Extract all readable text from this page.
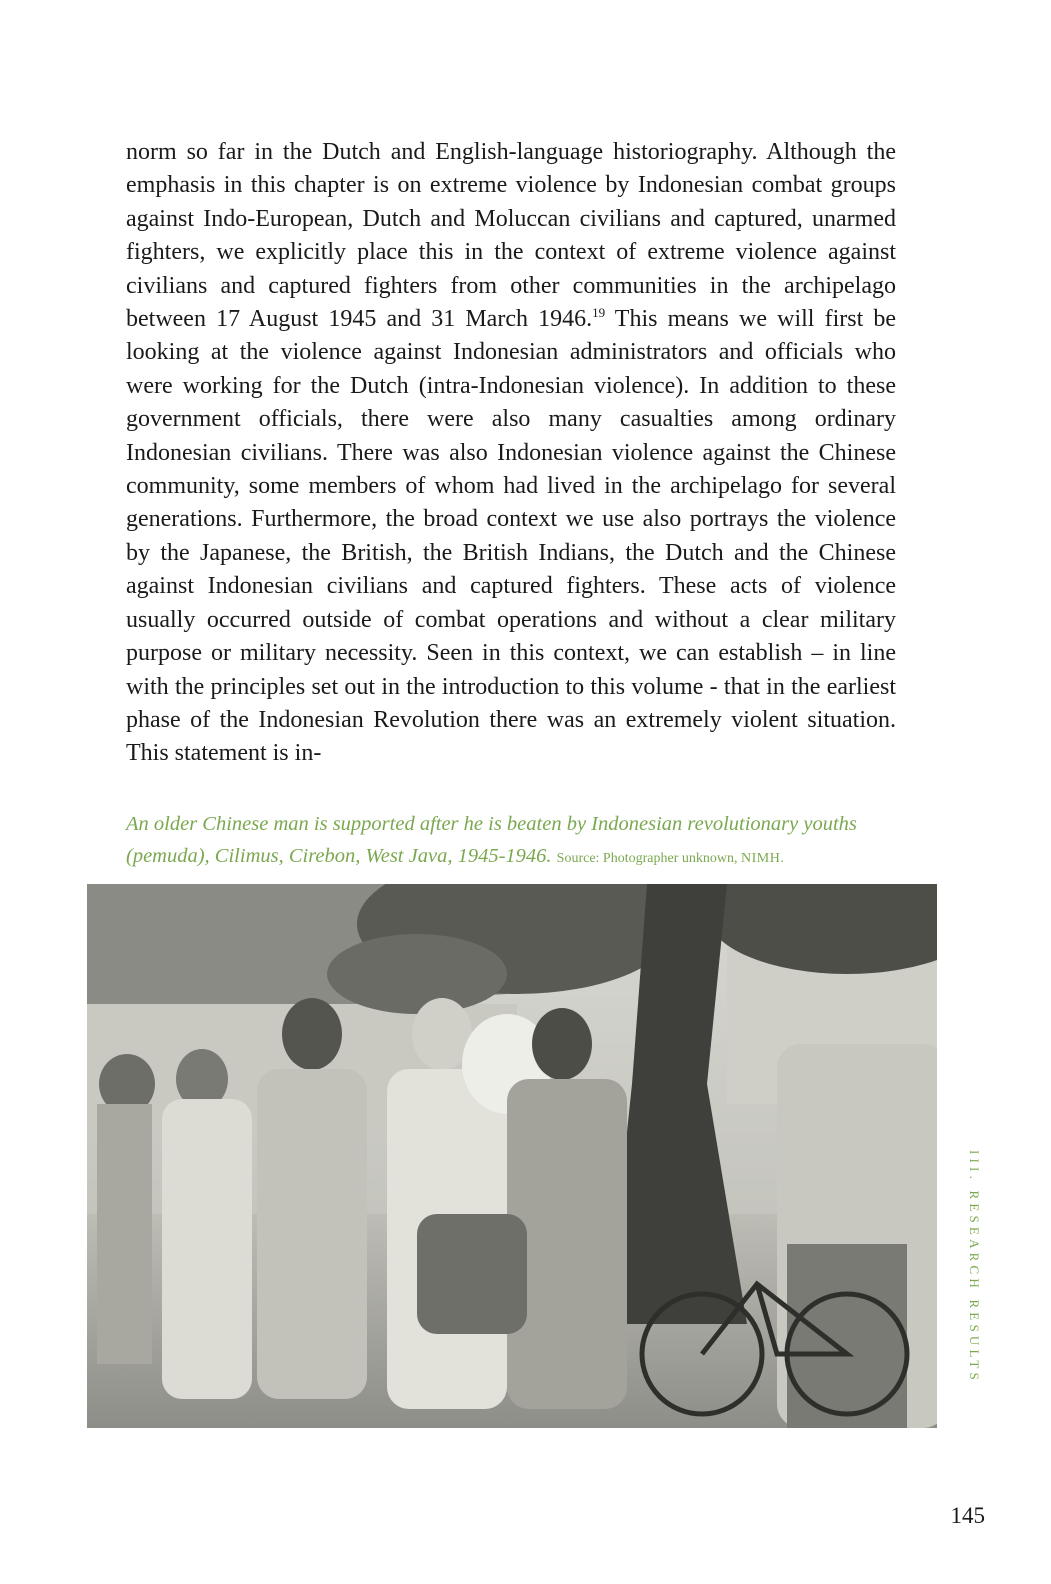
norm so far in the Dutch and English-language historiography. Although the emphasis in this chapter is on extreme violence by Indonesian combat groups against Indo-European, Dutch and Moluccan civilians and captured, unarmed fighters, we explicitly place this in the context of extreme violence against civilians and captured fighters from other communities in the archipelago between 17 August 1945 and 31 March 1946.19 This means we will first be looking at the violence against Indonesian administrators and officials who were working for the Dutch (intra-Indonesian violence). In addition to these government officials, there were also many casualties among ordinary Indonesian civilians. There was also Indonesian violence against the Chinese community, some members of whom had lived in the archipelago for several generations. Furthermore, the broad context we use also portrays the violence by the Japanese, the British, the British Indians, the Dutch and the Chinese against Indonesian civilians and captured fighters. These acts of violence usually occurred outside of combat operations and without a clear military purpose or military necessity. Seen in this context, we can establish – in line with the principles set out in the introduction to this volume - that in the earliest phase of the Indonesian Revolution there was an extremely violent situation. This statement is in-

An older Chinese man is supported after he is beaten by Indonesian revolutionary youths (pemuda), Cilimus, Cirebon, West Java, 1945-1946. Source: Photographer unknown, NIMH.

III. RESEARCH RESULTS

145
